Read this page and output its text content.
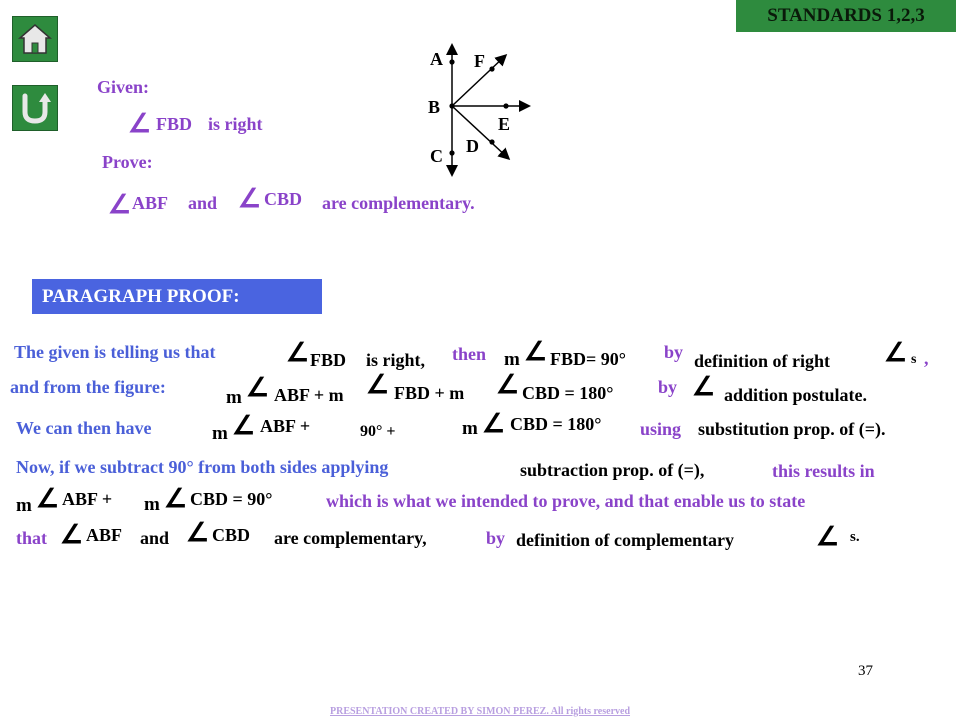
STANDARDS 1,2,3
Given:
∠ FBD is right
Prove:
∠ ABF and ∠ CBD are complementary.
A F
B
E
D
C
PARAGRAPH PROOF:
The given is telling us that	∠ FBD is right, then m ∠ FBD= 90° by definition of right ∠ s ,
and from the figure:	m ∠ ABF + m ∠ FBD + m ∠ CBD = 180° by ∠ addition postulate.
We can then have	m ∠ ABF +	90° +	m ∠ CBD = 180° using substitution prop. of (=).
Now, if we subtract 90° from both sides applying	subtraction prop. of (=),	this results in
m ∠ ABF + m ∠ CBD = 90°	which is what we intended to prove, and that enable us to state
that ∠ ABF and ∠ CBD are complementary,	by definition of complementary	∠ s.
37
PRESENTATION CREATED BY SIMON PEREZ. All rights reserved
